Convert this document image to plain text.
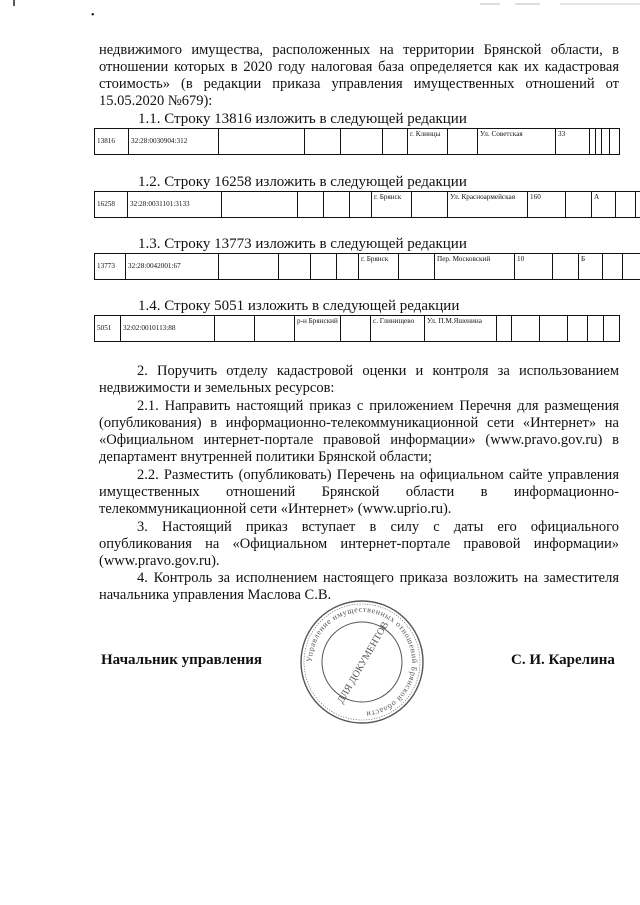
•

недвижимого имущества, расположенных на территории Брянской области, в отношении которых в 2020 году налоговая база определяется как их кадастровая стоимость» (в редакции приказа управления имущественных отношений от 15.05.2020 №679):

1.1. Строку 13816 изложить в следующей редакции
13816	32:28:0030904:312					г. Клинцы		Ул. Советская	33				
1.2. Строку 16258 изложить в следующей редакции
16258	32:28:0031101:3133					г. Брянск		Ул. Красноармейская	160		А		
1.3. Строку 13773 изложить в следующей редакции
13773	32:28:0042001:67					г. Брянск		Пер. Московский	10		Б		
1.4. Строку 5051 изложить в следующей редакции
5051	32:02:0010113:88			р-н Брянский		с. Глинищево	Ул. П.М.Яшенина						

2. Поручить отделу кадастровой оценки и контроля за использованием недвижимости и земельных ресурсов:

2.1. Направить настоящий приказ с приложением Перечня для размещения (опубликования) в информационно-телекоммуникационной сети «Интернет» на «Официальном интернет-портале правовой информации» (www.pravo.gov.ru) в департамент внутренней политики Брянской области;

2.2. Разместить (опубликовать) Перечень на официальном сайте управления имущественных отношений Брянской области в информационно-телекоммуникационной сети «Интернет» (www.uprio.ru).

3. Настоящий приказ вступает в силу с даты его официального опубликования на «Официальном интернет-портале правовой информации» (www.pravo.gov.ru).

4. Контроль за исполнением настоящего приказа возложить на заместителя начальника управления Маслова С.В.

Начальник управления	С. И. Карелина
Управление имущественных отношений Брянской области
ДЛЯ ДОКУМЕНТОВ
